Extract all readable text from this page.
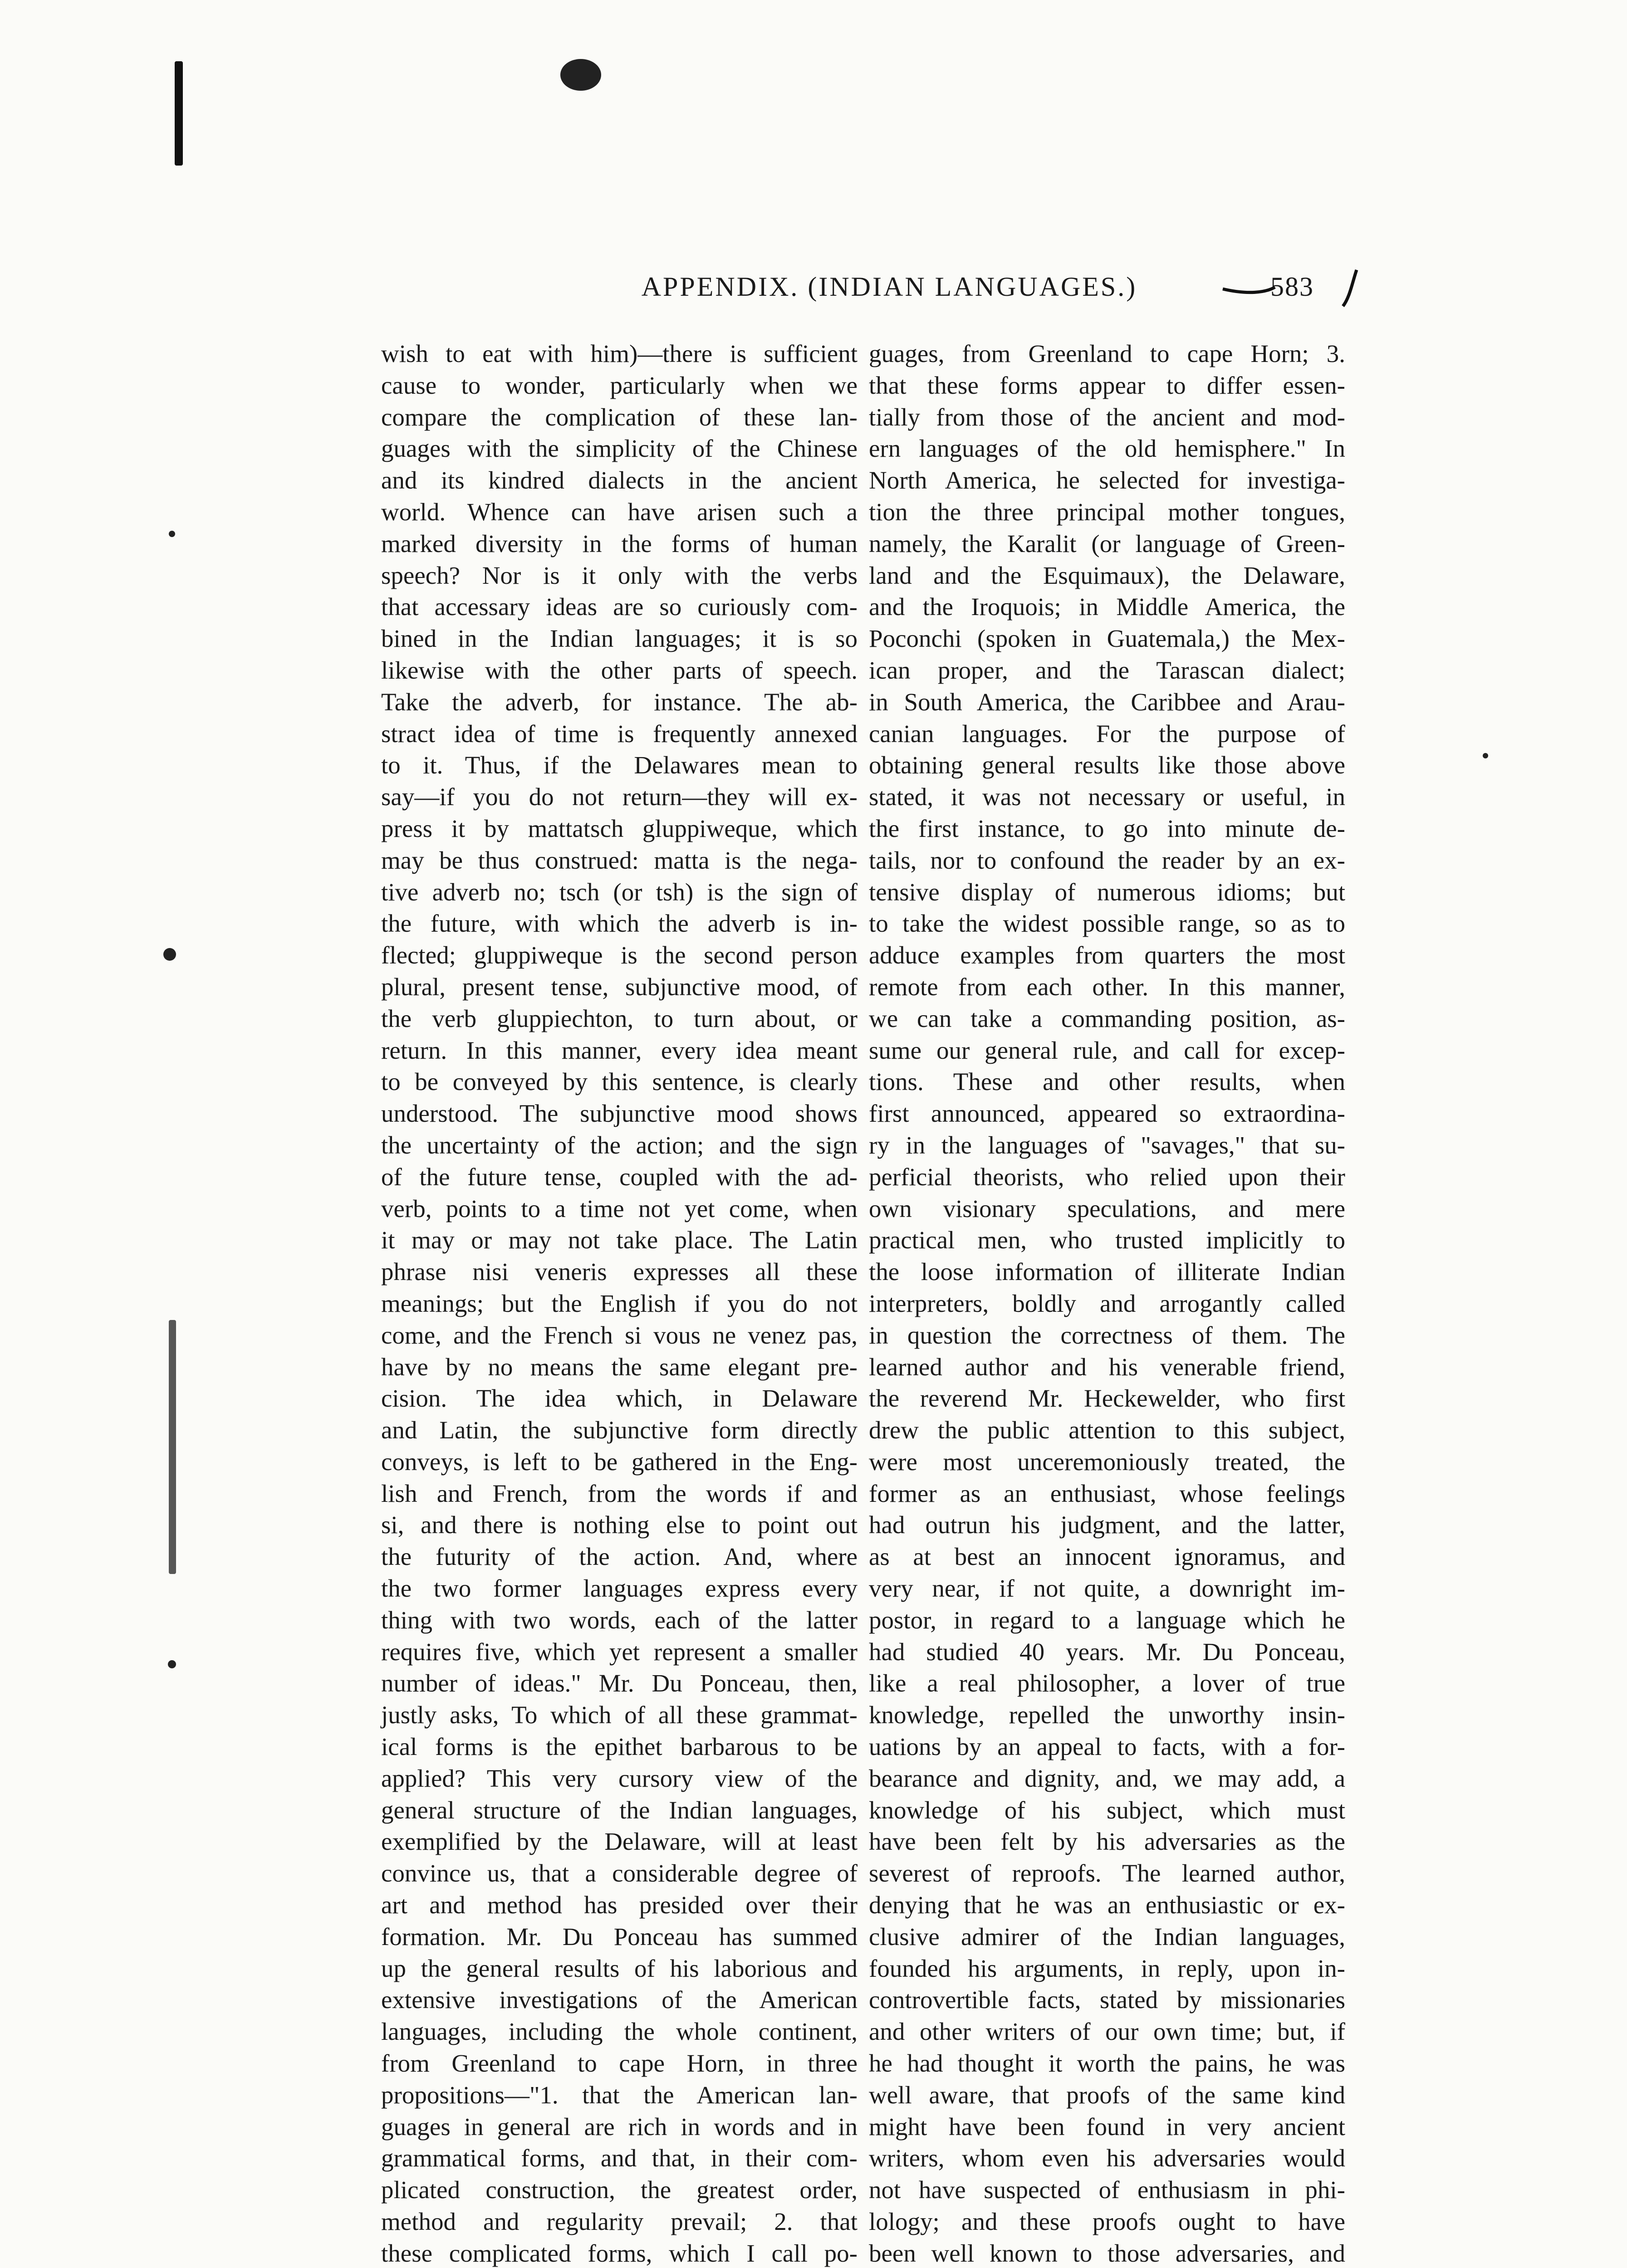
APPENDIX. (INDIAN LANGUAGES.)	583
wish to eat with him)—there is sufficient
cause to wonder, particularly when we
compare the complication of these lan-
guages with the simplicity of the Chinese
and its kindred dialects in the ancient
world. Whence can have arisen such a
marked diversity in the forms of human
speech? Nor is it only with the verbs
that accessary ideas are so curiously com-
bined in the Indian languages; it is so
likewise with the other parts of speech.
Take the adverb, for instance. The ab-
stract idea of time is frequently annexed
to it. Thus, if the Delawares mean to
say—if you do not return—they will ex-
press it by mattatsch gluppiweque, which
may be thus construed: matta is the nega-
tive adverb no; tsch (or tsh) is the sign of
the future, with which the adverb is in-
flected; gluppiweque is the second person
plural, present tense, subjunctive mood, of
the verb gluppiechton, to turn about, or
return. In this manner, every idea meant
to be conveyed by this sentence, is clearly
understood. The subjunctive mood shows
the uncertainty of the action; and the sign
of the future tense, coupled with the ad-
verb, points to a time not yet come, when
it may or may not take place. The Latin
phrase nisi veneris expresses all these
meanings; but the English if you do not
come, and the French si vous ne venez pas,
have by no means the same elegant pre-
cision. The idea which, in Delaware
and Latin, the subjunctive form directly
conveys, is left to be gathered in the Eng-
lish and French, from the words if and
si, and there is nothing else to point out
the futurity of the action. And, where
the two former languages express every
thing with two words, each of the latter
requires five, which yet represent a smaller
number of ideas." Mr. Du Ponceau, then,
justly asks, To which of all these grammat-
ical forms is the epithet barbarous to be
applied? This very cursory view of the
general structure of the Indian languages,
exemplified by the Delaware, will at least
convince us, that a considerable degree of
art and method has presided over their
formation. Mr. Du Ponceau has summed
up the general results of his laborious and
extensive investigations of the American
languages, including the whole continent,
from Greenland to cape Horn, in three
propositions—"1. that the American lan-
guages in general are rich in words and in
grammatical forms, and that, in their com-
plicated construction, the greatest order,
method and regularity prevail; 2. that
these complicated forms, which I call po-
guages, from Greenland to cape Horn; 3.
that these forms appear to differ essen-
tially from those of the ancient and mod-
ern languages of the old hemisphere." In
North America, he selected for investiga-
tion the three principal mother tongues,
namely, the Karalit (or language of Green-
land and the Esquimaux), the Delaware,
and the Iroquois; in Middle America, the
Poconchi (spoken in Guatemala,) the Mex-
ican proper, and the Tarascan dialect;
in South America, the Caribbee and Arau-
canian languages. For the purpose of
obtaining general results like those above
stated, it was not necessary or useful, in
the first instance, to go into minute de-
tails, nor to confound the reader by an ex-
tensive display of numerous idioms; but
to take the widest possible range, so as to
adduce examples from quarters the most
remote from each other. In this manner,
we can take a commanding position, as-
sume our general rule, and call for excep-
tions. These and other results, when
first announced, appeared so extraordina-
ry in the languages of "savages," that su-
perficial theorists, who relied upon their
own visionary speculations, and mere
practical men, who trusted implicitly to
the loose information of illiterate Indian
interpreters, boldly and arrogantly called
in question the correctness of them. The
learned author and his venerable friend,
the reverend Mr. Heckewelder, who first
drew the public attention to this subject,
were most unceremoniously treated, the
former as an enthusiast, whose feelings
had outrun his judgment, and the latter,
as at best an innocent ignoramus, and
very near, if not quite, a downright im-
postor, in regard to a language which he
had studied 40 years. Mr. Du Ponceau,
like a real philosopher, a lover of true
knowledge, repelled the unworthy insin-
uations by an appeal to facts, with a for-
bearance and dignity, and, we may add, a
knowledge of his subject, which must
have been felt by his adversaries as the
severest of reproofs. The learned author,
denying that he was an enthusiastic or ex-
clusive admirer of the Indian languages,
founded his arguments, in reply, upon in-
controvertible facts, stated by missionaries
and other writers of our own time; but, if
he had thought it worth the pains, he was
well aware, that proofs of the same kind
might have been found in very ancient
writers, whom even his adversaries would
not have suspected of enthusiasm in phi-
lology; and these proofs ought to have
been well known to those adversaries, and
